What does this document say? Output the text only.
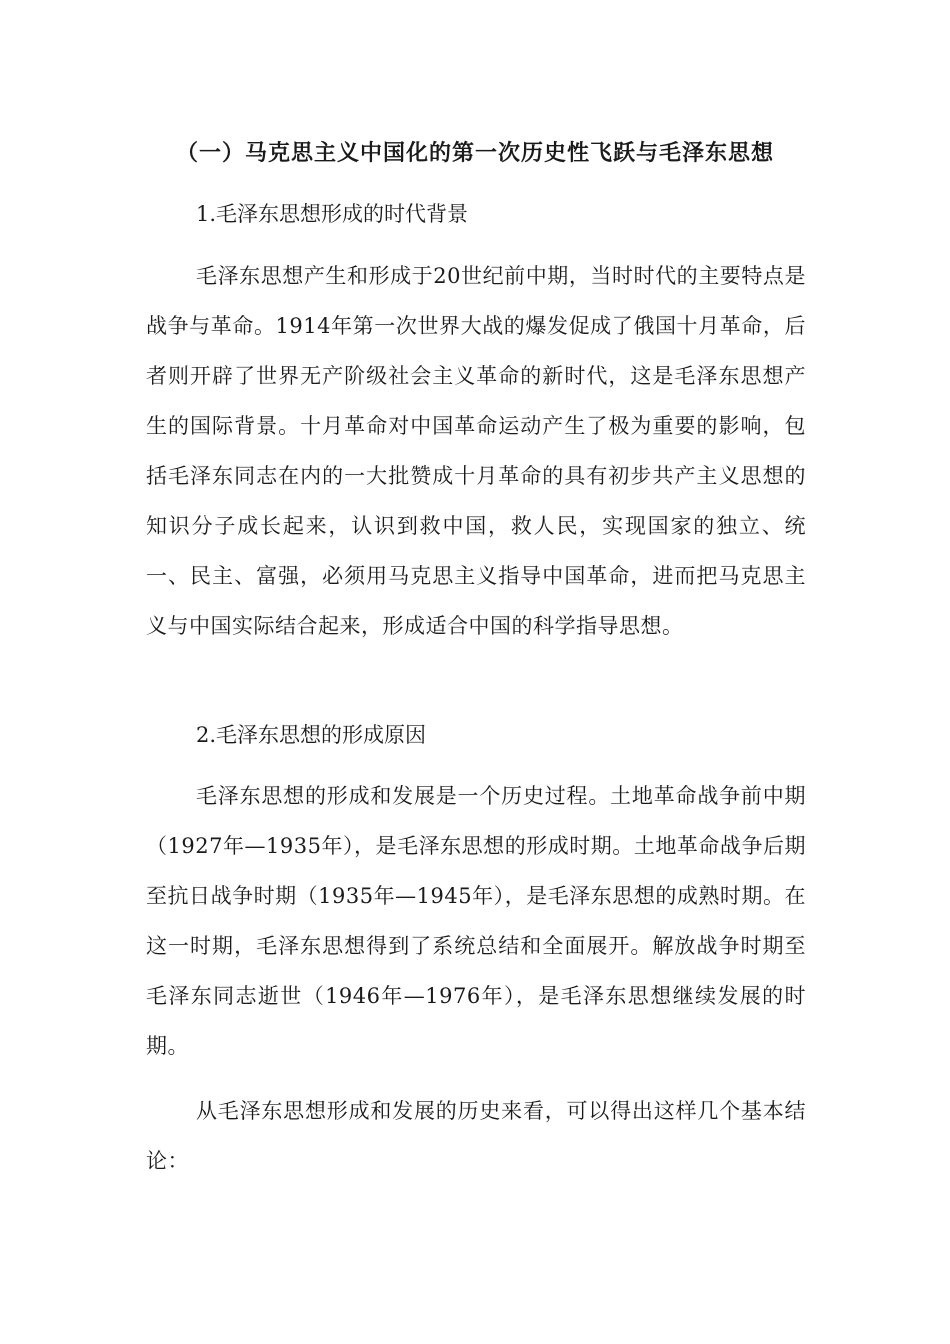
（一）马克思主义中国化的第一次历史性飞跃与毛泽东思想
1.毛泽东思想形成的时代背景

毛泽东思想产生和形成于20世纪前中期，当时时代的主要特点是战争与革命。1914年第一次世界大战的爆发促成了俄国十月革命，后者则开辟了世界无产阶级社会主义革命的新时代，这是毛泽东思想产生的国际背景。十月革命对中国革命运动产生了极为重要的影响，包括毛泽东同志在内的一大批赞成十月革命的具有初步共产主义思想的知识分子成长起来，认识到救中国，救人民，实现国家的独立、统一、民主、富强，必须用马克思主义指导中国革命，进而把马克思主义与中国实际结合起来，形成适合中国的科学指导思想。

2.毛泽东思想的形成原因

毛泽东思想的形成和发展是一个历史过程。土地革命战争前中期（1927年—1935年），是毛泽东思想的形成时期。土地革命战争后期至抗日战争时期（1935年—1945年），是毛泽东思想的成熟时期。在这一时期，毛泽东思想得到了系统总结和全面展开。解放战争时期至毛泽东同志逝世（1946年—1976年），是毛泽东思想继续发展的时期。

从毛泽东思想形成和发展的历史来看，可以得出这样几个基本结论：
